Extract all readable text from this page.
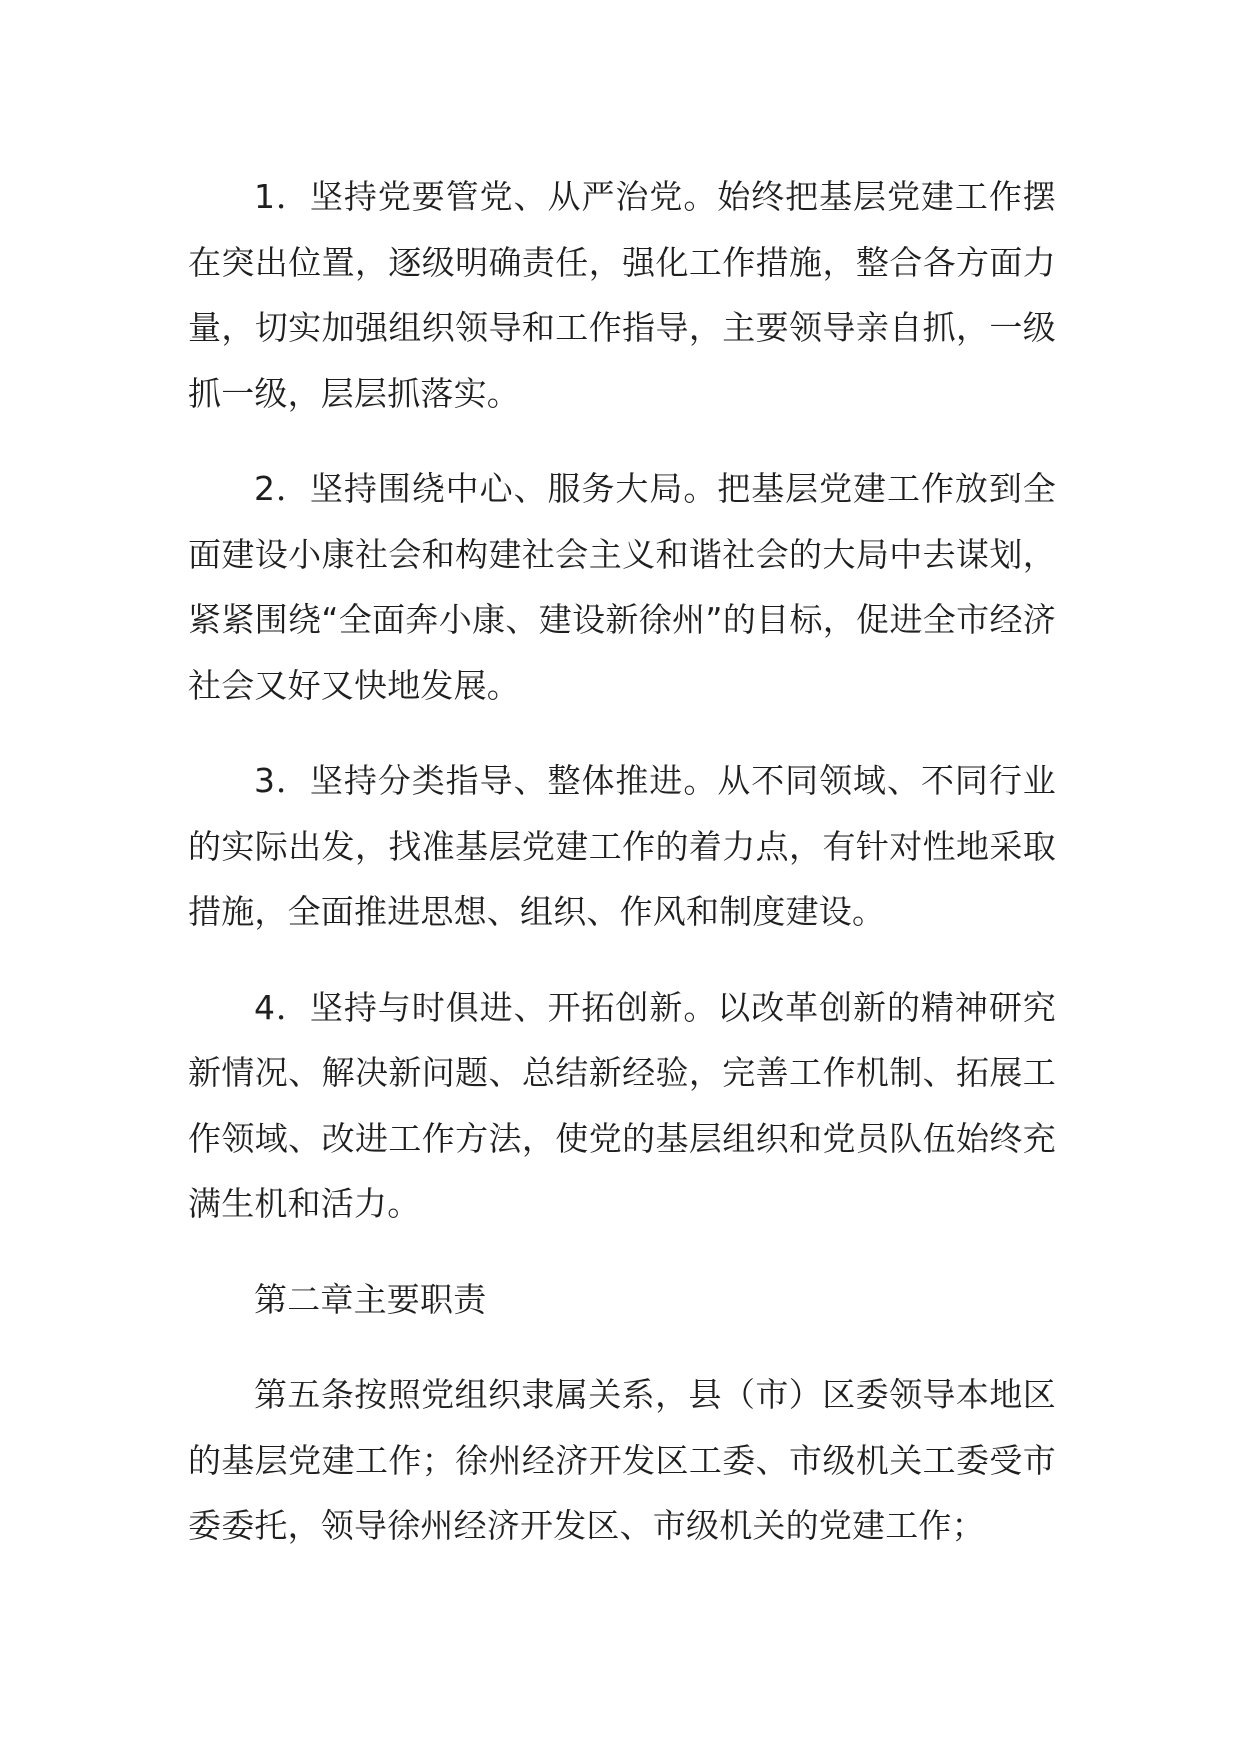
1．坚持党要管党、从严治党。始终把基层党建工作摆在突出位置，逐级明确责任，强化工作措施，整合各方面力量，切实加强组织领导和工作指导，主要领导亲自抓，一级抓一级，层层抓落实。

2．坚持围绕中心、服务大局。把基层党建工作放到全面建设小康社会和构建社会主义和谐社会的大局中去谋划，紧紧围绕“全面奔小康、建设新徐州”的目标，促进全市经济社会又好又快地发展。

3．坚持分类指导、整体推进。从不同领域、不同行业的实际出发，找准基层党建工作的着力点，有针对性地采取措施，全面推进思想、组织、作风和制度建设。

4．坚持与时俱进、开拓创新。以改革创新的精神研究新情况、解决新问题、总结新经验，完善工作机制、拓展工作领域、改进工作方法，使党的基层组织和党员队伍始终充满生机和活力。

第二章主要职责

第五条按照党组织隶属关系，县（市）区委领导本地区的基层党建工作；徐州经济开发区工委、市级机关工委受市委委托，领导徐州经济开发区、市级机关的党建工作；
